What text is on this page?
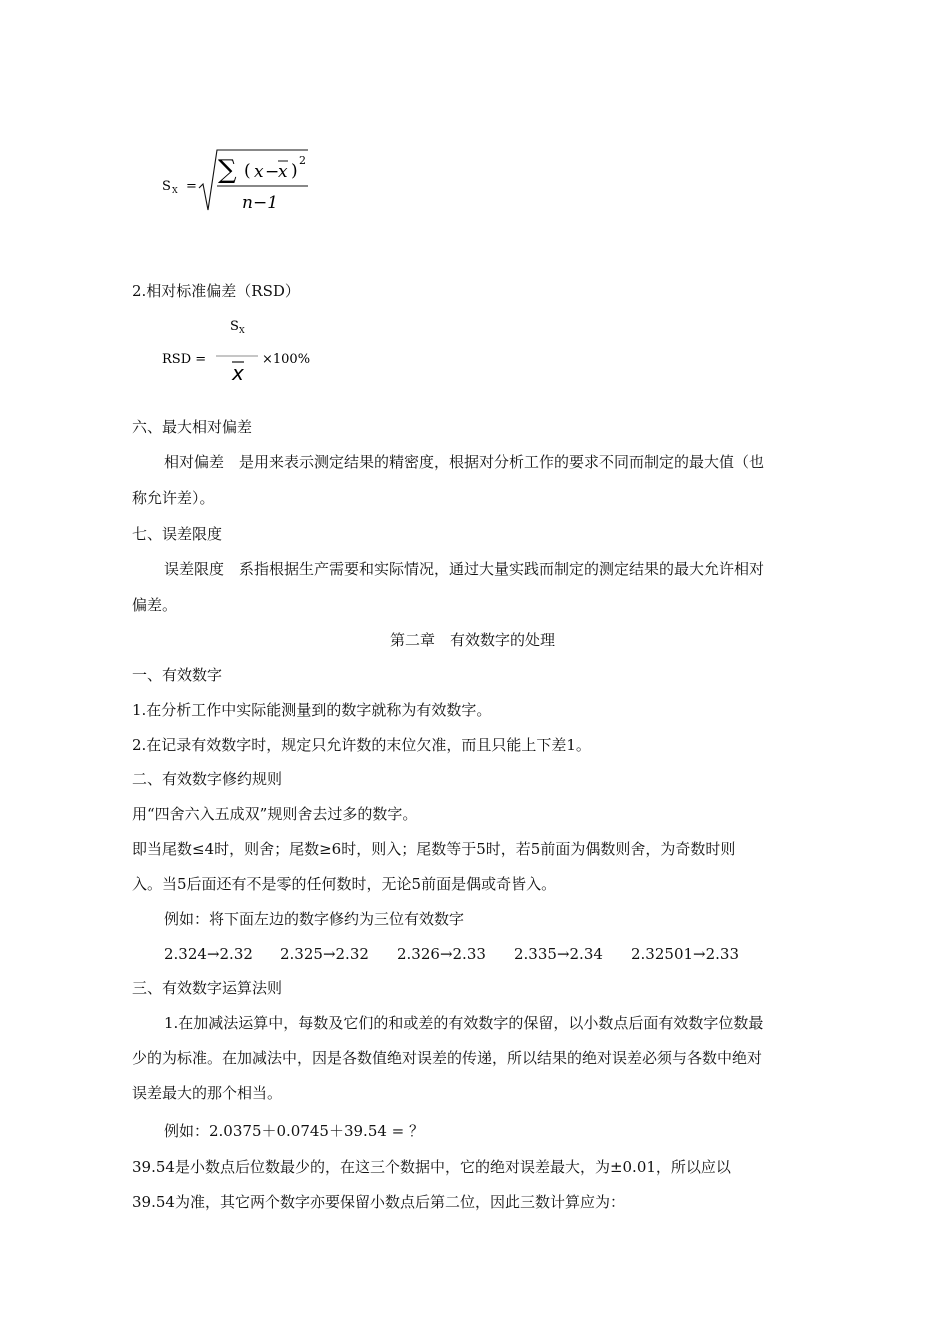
S X =
∑ ( x −
x )
2
n−1
2.相对标准偏差（RSD）
S X
RSD =	×100%
x
六、最大相对偏差
相对偏差　是用来表示测定结果的精密度，根据对分析工作的要求不同而制定的最大值（也
称允许差）。
七、误差限度
误差限度　系指根据生产需要和实际情况，通过大量实践而制定的测定结果的最大允许相对
偏差。
第二章　有效数字的处理
一、有效数字
1.在分析工作中实际能测量到的数字就称为有效数字。
2.在记录有效数字时，规定只允许数的末位欠准，而且只能上下差1。
二、有效数字修约规则
用“四舍六入五成双”规则舍去过多的数字。
即当尾数≤4时，则舍；尾数≥6时，则入；尾数等于5时，若5前面为偶数则舍，为奇数时则
入。当5后面还有不是零的任何数时，无论5前面是偶或奇皆入。
例如：将下面左边的数字修约为三位有效数字
2.324→2.32 2.325→2.32 2.326→2.33 2.335→2.34 2.32501→2.33
三、有效数字运算法则
1.在加减法运算中，每数及它们的和或差的有效数字的保留，以小数点后面有效数字位数最
少的为标准。在加减法中，因是各数值绝对误差的传递，所以结果的绝对误差必须与各数中绝对
误差最大的那个相当。
例如：2.0375＋0.0745＋39.54 = ？
39.54是小数点后位数最少的，在这三个数据中，它的绝对误差最大，为±0.01，所以应以
39.54为准，其它两个数字亦要保留小数点后第二位，因此三数计算应为：
